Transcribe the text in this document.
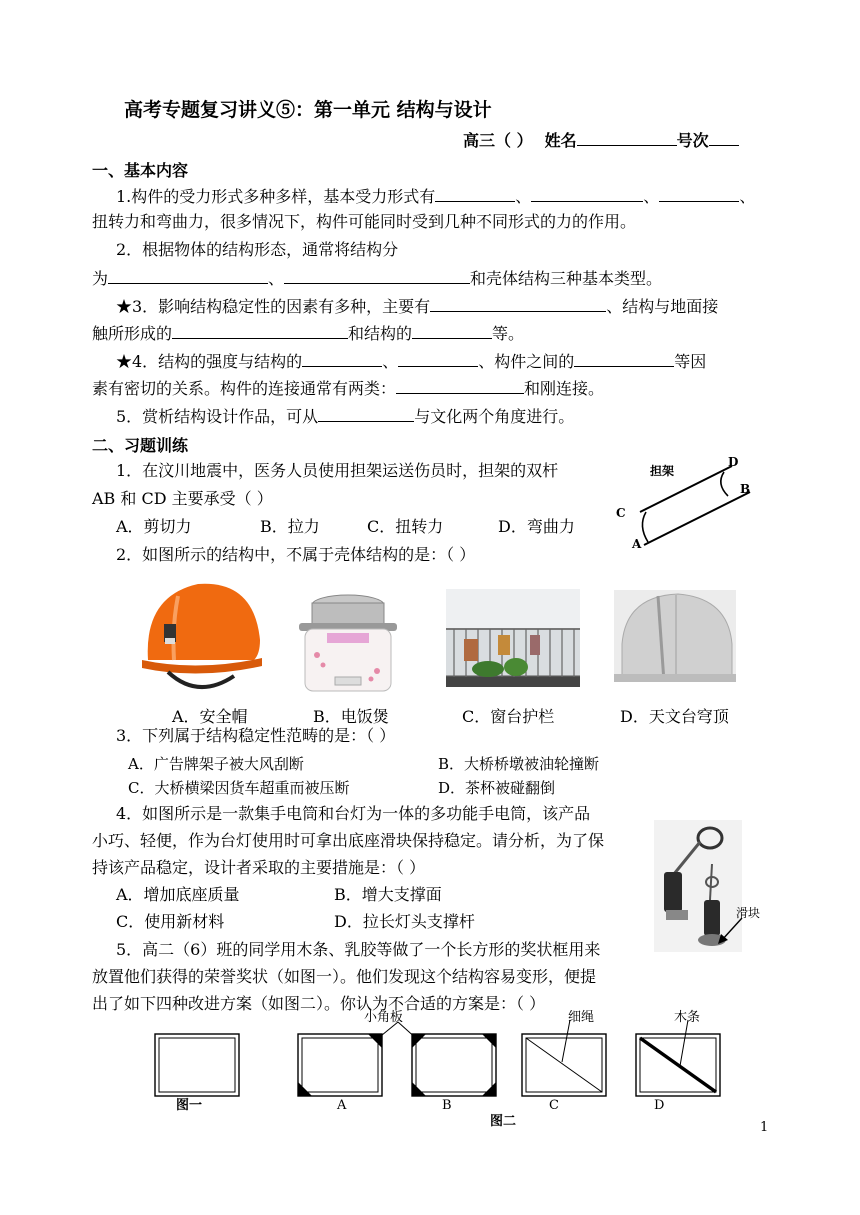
高考专题复习讲义⑤：第一单元 结构与设计
高三（ ） 姓名	号次
一、基本内容
1.构件的受力形式多种多样，基本受力形式有	、	、	、
扭转力和弯曲力，很多情况下，构件可能同时受到几种不同形式的力的作用。
2．根据物体的结构形态，通常将结构分
为	、	和壳体结构三种基本类型。
★3．影响结构稳定性的因素有多种，主要有	、结构与地面接
触所形成的	和结构的	等。
★4．结构的强度与结构的	、	、构件之间的	等因
素有密切的关系。构件的连接通常有两类：	和刚连接。
5．赏析结构设计作品，可从	与文化两个角度进行。
二、习题训练
1．在汶川地震中，医务人员使用担架运送伤员时，担架的双杆
AB 和 CD 主要承受（ ）
A．剪切力	B．拉力	C．扭转力	D．弯曲力
担架
A
B
C
D
2．如图所示的结构中，不属于壳体结构的是：（ ）
A．安全帽	B．电饭煲	C．窗台护栏	D．天文台穹顶
3．下列属于结构稳定性范畴的是：（ ）
A．广告牌架子被大风刮断	B．大桥桥墩被油轮撞断
C．大桥横梁因货车超重而被压断	D．茶杯被碰翻倒
4．如图所示是一款集手电筒和台灯为一体的多功能手电筒，该产品
小巧、轻便，作为台灯使用时可拿出底座滑块保持稳定。请分析，为了保
持该产品稳定，设计者采取的主要措施是：（ ）
A．增加底座质量	B．增大支撑面
C．使用新材料	D．拉长灯头支撑杆	滑块
5．高二（6）班的同学用木条、乳胶等做了一个长方形的奖状框用来
放置他们获得的荣誉奖状（如图一）。他们发现这个结构容易变形，便提
出了如下四种改进方案（如图二）。你认为不合适的方案是：（ ）
小角板	细绳	木条
图一	A	B	C	D
图二	1
